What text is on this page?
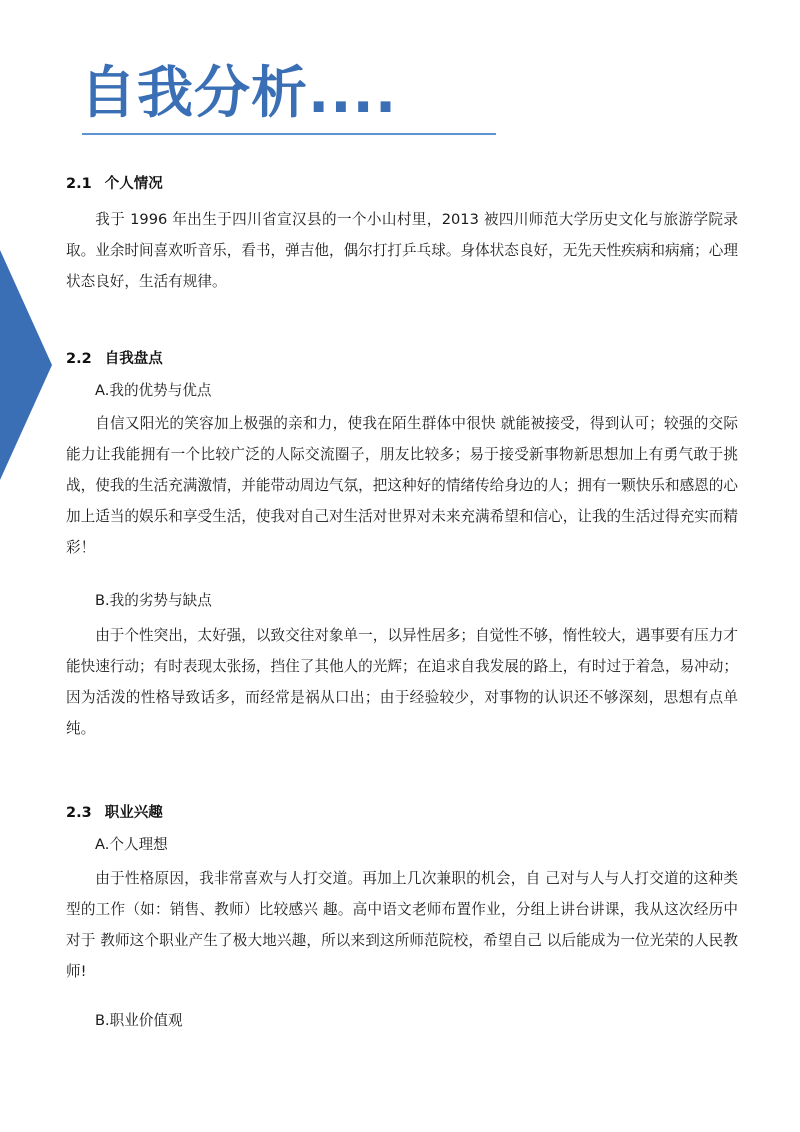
自我分析....
2.1 个人情况
我于 1996 年出生于四川省宣汉县的一个小山村里，2013 被四川师范大学历史文化与旅游学院录取。业余时间喜欢听音乐，看书，弹吉他，偶尔打打乒乓球。身体状态良好，无先天性疾病和病痛；心理状态良好，生活有规律。
2.2 自我盘点
A.我的优势与优点
自信又阳光的笑容加上极强的亲和力，使我在陌生群体中很快 就能被接受，得到认可；较强的交际能力让我能拥有一个比较广泛的人际交流圈子，朋友比较多；易于接受新事物新思想加上有勇气敢于挑战，使我的生活充满激情，并能带动周边气氛，把这种好的情绪传给身边的人；拥有一颗快乐和感恩的心加上适当的娱乐和享受生活，使我对自己对生活对世界对未来充满希望和信心，让我的生活过得充实而精彩！
B.我的劣势与缺点
由于个性突出，太好强，以致交往对象单一，以异性居多；自觉性不够，惰性较大，遇事要有压力才能快速行动；有时表现太张扬，挡住了其他人的光辉；在追求自我发展的路上，有时过于着急，易冲动；因为活泼的性格导致话多，而经常是祸从口出；由于经验较少，对事物的认识还不够深刻，思想有点单纯。
2.3 职业兴趣
A.个人理想
由于性格原因，我非常喜欢与人打交道。再加上几次兼职的机会，自 己对与人与人打交道的这种类型的工作（如：销售、教师）比较感兴 趣。高中语文老师布置作业，分组上讲台讲课，我从这次经历中对于 教师这个职业产生了极大地兴趣，所以来到这所师范院校，希望自己 以后能成为一位光荣的人民教师!
B.职业价值观
